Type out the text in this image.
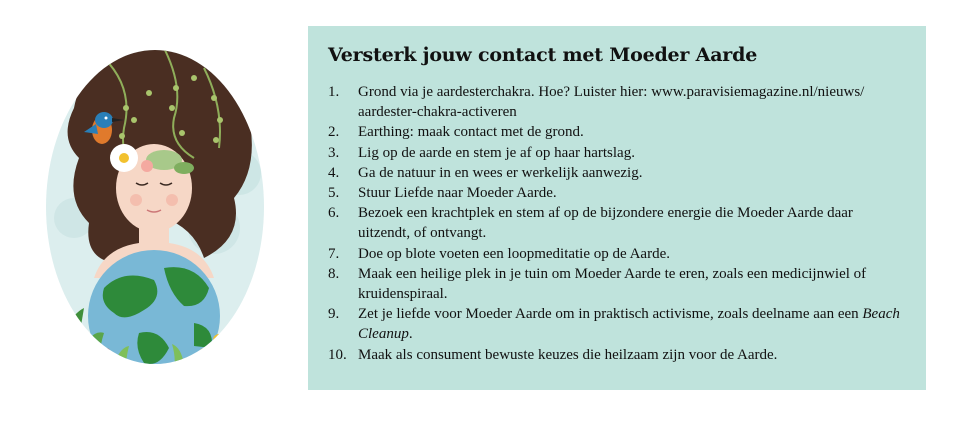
Versterk jouw contact met Moeder Aarde
1.	Grond via je aardesterchakra. Hoe? Luister hier: www.paravisiemagazine.nl/nieuws/ aardester-chakra-activeren
2.	Earthing: maak contact met de grond.
3.	Lig op de aarde en stem je af op haar hartslag.
4.	Ga de natuur in en wees er werkelijk aanwezig.
5.	Stuur Liefde naar Moeder Aarde.
6.	Bezoek een krachtplek en stem af op de bijzondere energie die Moeder Aarde daar uitzendt, of ontvangt.
7.	Doe op blote voeten een loopmeditatie op de Aarde.
8.	Maak een heilige plek in je tuin om Moeder Aarde te eren, zoals een medicijnwiel of kruidenspiraal.
9.	Zet je liefde voor Moeder Aarde om in praktisch activisme, zoals deelname aan een Beach Cleanup.
10. Maak als consument bewuste keuzes die heilzaam zijn voor de Aarde.
